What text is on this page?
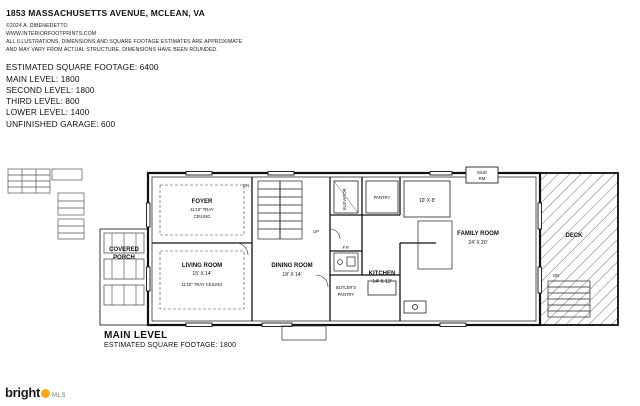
1853 MASSACHUSETTS AVENUE, MCLEAN, VA

©2024 A. DIBENEDETTO

WWW.INTERIORFOOTPRINTS.COM

ALL ILLUSTRATIONS, DIMENSIONS AND SQUARE FOOTAGE ESTIMATES ARE APPROXIMATE

AND MAY VARY FROM ACTUAL STRUCTURE. DIMENSIONS HAVE BEEN ROUNDED.

ESTIMATED SQUARE FOOTAGE: 6400
MAIN LEVEL: 1800
SECOND LEVEL: 1800
THIRD LEVEL: 800
LOWER LEVEL: 1400
UNFINISHED GARAGE: 600
DECK
DN
FOYER
11'10" TRAY
CEILING
LIVING ROOM
15' X 14'
11'10" TRAY CEILING
COVERED
PORCH
DINING ROOM
18' X 14'
DN
UP
ELEVATOR	PANTRY
10' X 8'
MUD
RM
F.P.
BUTLER'S
PANTRY
KITCHEN
14' X 13'
FAMILY ROOM
24' X 20'
MAIN LEVEL
ESTIMATED SQUARE FOOTAGE: 1800
bright MLS
